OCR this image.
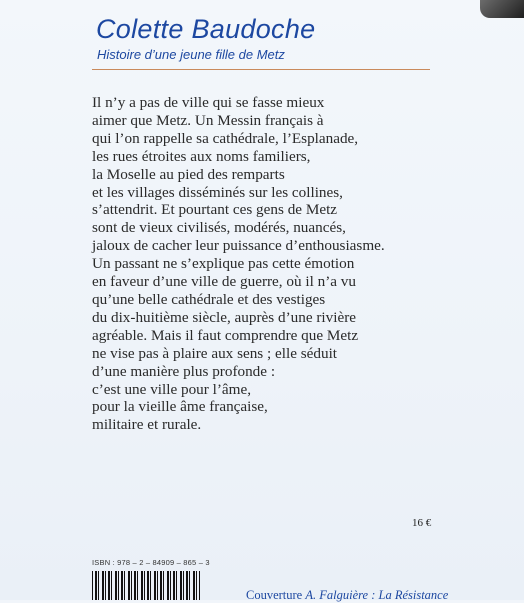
Colette Baudoche
Histoire d’une jeune fille de Metz
Il n’y a pas de ville qui se fasse mieux
aimer que Metz. Un Messin français à
qui l’on rappelle sa cathédrale, l’Esplanade,
les rues étroites aux noms familiers,
la Moselle au pied des remparts
et les villages disséminés sur les collines,
s’attendrit. Et pourtant ces gens de Metz
sont de vieux civilisés, modérés, nuancés,
jaloux de cacher leur puissance d’enthousiasme.
Un passant ne s’explique pas cette émotion
en faveur d’une ville de guerre, où il n’a vu
qu’une belle cathédrale et des vestiges
du dix-huitième siècle, auprès d’une rivière
agréable. Mais il faut comprendre que Metz
ne vise pas à plaire aux sens ; elle séduit
d’une manière plus profonde :
c’est une ville pour l’âme,
pour la vieille âme française,
militaire et rurale.
16 €
ISBN : 978 – 2 – 84909 – 865 – 3
Couverture A. Falguière : La Résistance
